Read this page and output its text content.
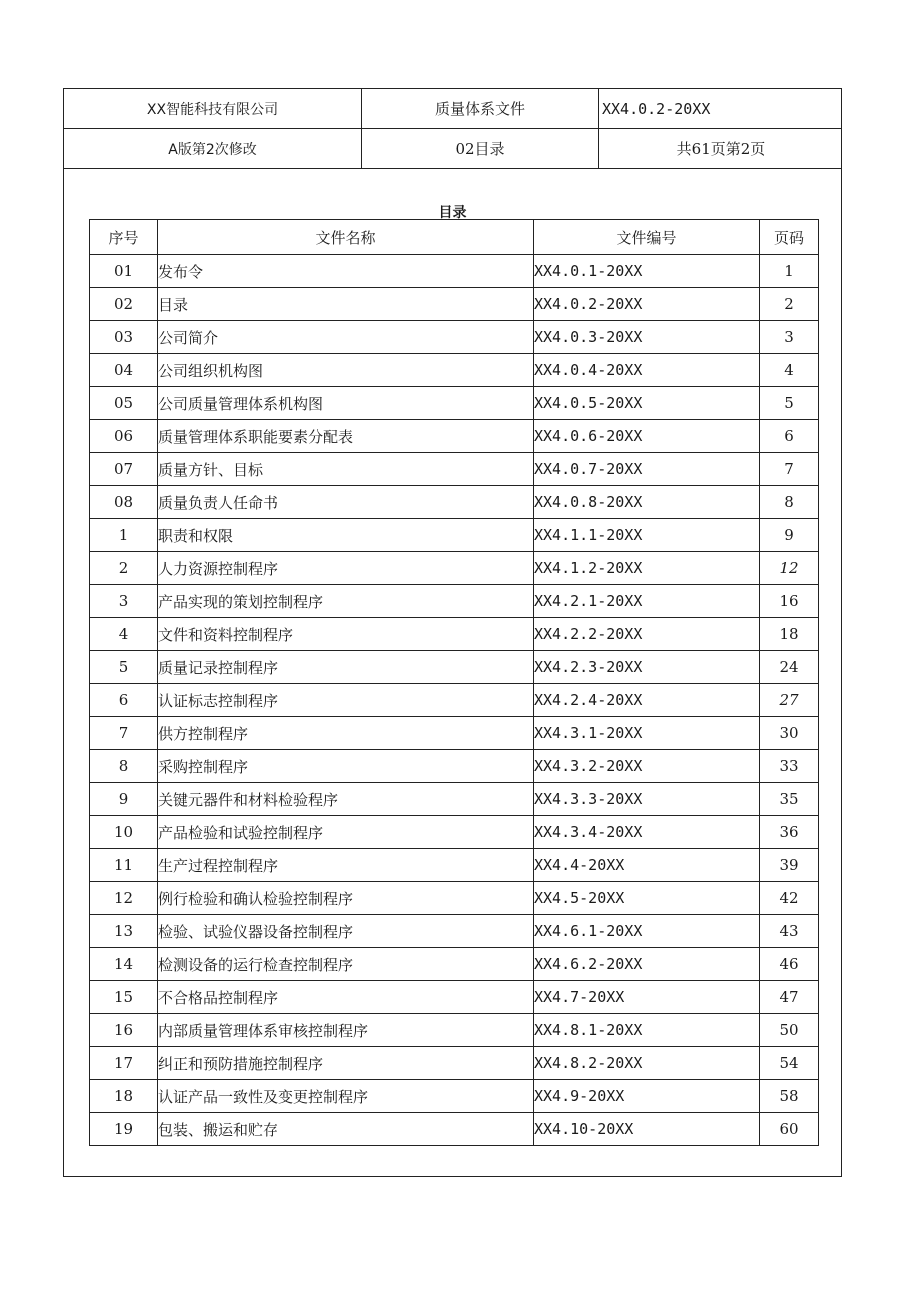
XX智能科技有限公司	质量体系文件	XX4.0.2-20XX
A版第2次修改	02目录	共61页第2页
目录
序号	文件名称	文件编号	页码
01	发布令	XX4.0.1-20XX	1
02	目录	XX4.0.2-20XX	2
03	公司简介	XX4.0.3-20XX	3
04	公司组织机构图	XX4.0.4-20XX	4
05	公司质量管理体系机构图	XX4.0.5-20XX	5
06	质量管理体系职能要素分配表	XX4.0.6-20XX	6
07	质量方针、目标	XX4.0.7-20XX	7
08	质量负责人任命书	XX4.0.8-20XX	8
1	职责和权限	XX4.1.1-20XX	9
2	人力资源控制程序	XX4.1.2-20XX	12
3	产品实现的策划控制程序	XX4.2.1-20XX	16
4	文件和资料控制程序	XX4.2.2-20XX	18
5	质量记录控制程序	XX4.2.3-20XX	24
6	认证标志控制程序	XX4.2.4-20XX	27
7	供方控制程序	XX4.3.1-20XX	30
8	采购控制程序	XX4.3.2-20XX	33
9	关键元器件和材料检验程序	XX4.3.3-20XX	35
10	产品检验和试验控制程序	XX4.3.4-20XX	36
11	生产过程控制程序	XX4.4-20XX	39
12	例行检验和确认检验控制程序	XX4.5-20XX	42
13	检验、试验仪器设备控制程序	XX4.6.1-20XX	43
14	检测设备的运行检查控制程序	XX4.6.2-20XX	46
15	不合格品控制程序	XX4.7-20XX	47
16	内部质量管理体系审核控制程序	XX4.8.1-20XX	50
17	纠正和预防措施控制程序	XX4.8.2-20XX	54
18	认证产品一致性及变更控制程序	XX4.9-20XX	58
19	包装、搬运和贮存	XX4.10-20XX	60
